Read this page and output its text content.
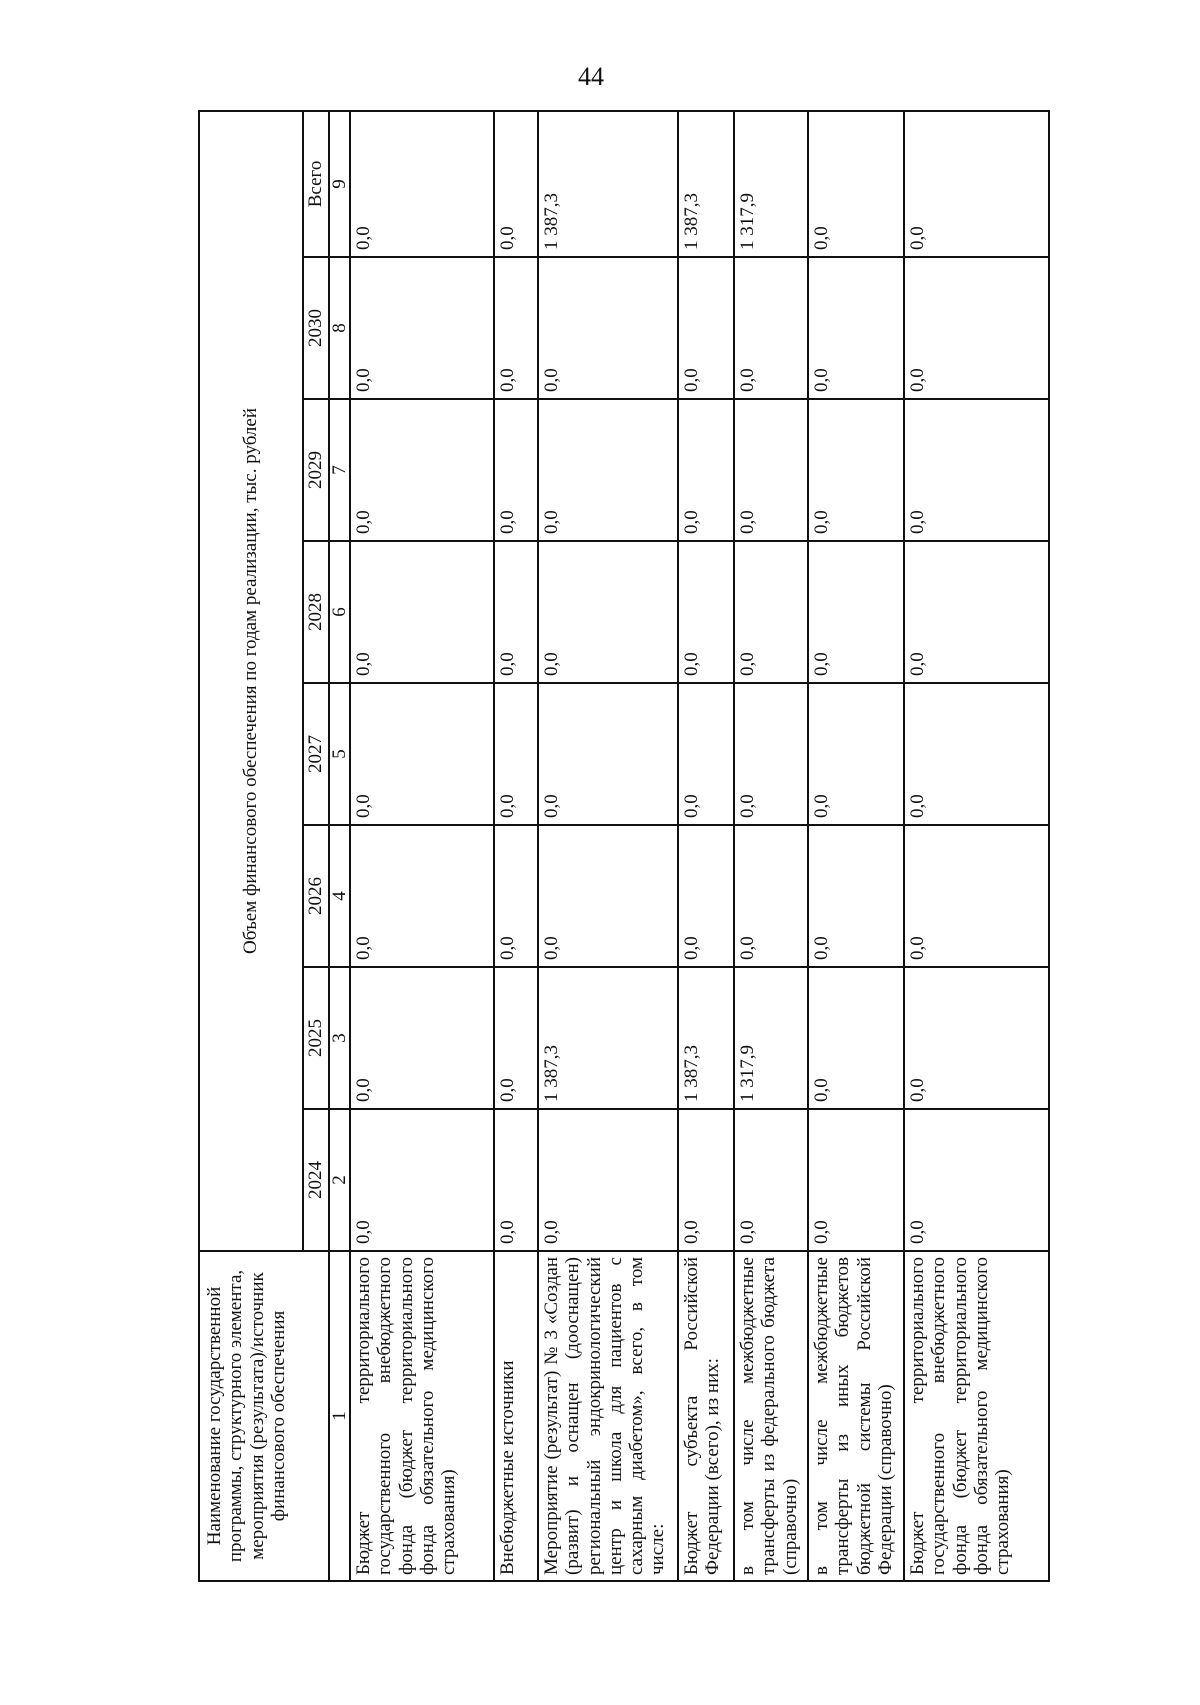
44
Наименование государственной программы, структурного элемента, мероприятия (результата)/источник финансового обеспечения	Объем финансового обеспечения по годам реализации, тыс. рублей							
	2024	2025	2026	2027	2028	2029	2030	Всего
1	2	3	4	5	6	7	8	9
Бюджет территориального государственного внебюджетного фонда (бюджет территориального фонда обязательного медицинского страхования)	0,0	0,0	0,0	0,0	0,0	0,0	0,0	0,0
Внебюджетные источники	0,0	0,0	0,0	0,0	0,0	0,0	0,0	0,0
Мероприятие (результат) № 3 «Создан (развит) и оснащен (дооснащен) региональный эндокринологический центр и школа для пациентов с сахарным диабетом», всего, в том числе:	0,0	1 387,3	0,0	0,0	0,0	0,0	0,0	1 387,3
Бюджет субъекта Российской Федерации (всего), из них:	0,0	1 387,3	0,0	0,0	0,0	0,0	0,0	1 387,3
в том числе межбюджетные трансферты из федерального бюджета (справочно)	0,0	1 317,9	0,0	0,0	0,0	0,0	0,0	1 317,9
в том числе межбюджетные трансферты из иных бюджетов бюджетной системы Российской Федерации (справочно)	0,0	0,0	0,0	0,0	0,0	0,0	0,0	0,0
Бюджет территориального государственного внебюджетного фонда (бюджет территориального фонда обязательного медицинского страхования)	0,0	0,0	0,0	0,0	0,0	0,0	0,0	0,0
